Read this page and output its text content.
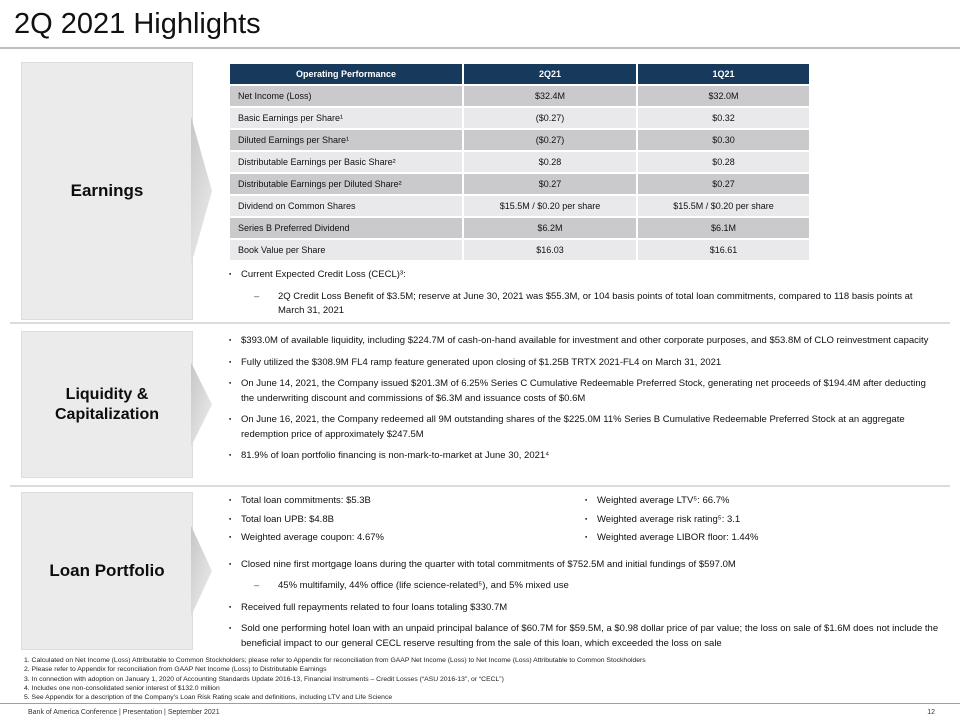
2Q 2021 Highlights
Earnings
Operating Performance	2Q21	1Q21
Net Income (Loss)	$32.4M	$32.0M
Basic Earnings per Share¹	($0.27)	$0.32
Diluted Earnings per Share¹	($0.27)	$0.30
Distributable Earnings per Basic Share²	$0.28	$0.28
Distributable Earnings per Diluted Share²	$0.27	$0.27
Dividend on Common Shares	$15.5M / $0.20 per share	$15.5M / $0.20 per share
Series B Preferred Dividend	$6.2M	$6.1M
Book Value per Share	$16.03	$16.61
▪	Current Expected Credit Loss (CECL)³:
–	2Q Credit Loss Benefit of $3.5M; reserve at June 30, 2021 was $55.3M, or 104 basis points of total loan commitments, compared to 118 basis points at March 31, 2021
Liquidity & Capitalization
▪	$393.0M of available liquidity, including $224.7M of cash-on-hand available for investment and other corporate purposes, and $53.8M of CLO reinvestment capacity
▪	Fully utilized the $308.9M FL4 ramp feature generated upon closing of $1.25B TRTX 2021-FL4 on March 31, 2021
▪	On June 14, 2021, the Company issued $201.3M of 6.25% Series C Cumulative Redeemable Preferred Stock, generating net proceeds of $194.4M after deducting the underwriting discount and commissions of $6.3M and issuance costs of $0.6M
▪	On June 16, 2021, the Company redeemed all 9M outstanding shares of the $225.0M 11% Series B Cumulative Redeemable Preferred Stock at an aggregate redemption price of approximately $247.5M
▪	81.9% of loan portfolio financing is non-mark-to-market at June 30, 2021⁴
Loan Portfolio
▪	Total loan commitments: $5.3B
▪	Total loan UPB: $4.8B
▪	Weighted average coupon: 4.67%
▪	Weighted average LTV⁵: 66.7%
▪	Weighted average risk rating⁵: 3.1
▪	Weighted average LIBOR floor: 1.44%
▪	Closed nine first mortgage loans during the quarter with total commitments of $752.5M and initial fundings of $597.0M
–	45% multifamily, 44% office (life science-related⁵), and 5% mixed use
▪	Received full repayments related to four loans totaling $330.7M
▪	Sold one performing hotel loan with an unpaid principal balance of $60.7M for $59.5M, a $0.98 dollar price of par value; the loss on sale of $1.6M does not include the beneficial impact to our general CECL reserve resulting from the sale of this loan, which exceeded the loss on sale
1. Calculated on Net Income (Loss) Attributable to Common Stockholders; please refer to Appendix for reconciliation from GAAP Net Income (Loss) to Net Income (Loss) Attributable to Common Stockholders
2. Please refer to Appendix for reconciliation from GAAP Net Income (Loss) to Distributable Earnings
3. In connection with adoption on January 1, 2020 of Accounting Standards Update 2016-13, Financial Instruments – Credit Losses (“ASU 2016-13”, or “CECL”)
4. Includes one non-consolidated senior interest of $132.0 million
5. See Appendix for a description of the Company’s Loan Risk Rating scale and definitions, including LTV and Life Science
Bank of America Conference | Presentation | September 2021	12
